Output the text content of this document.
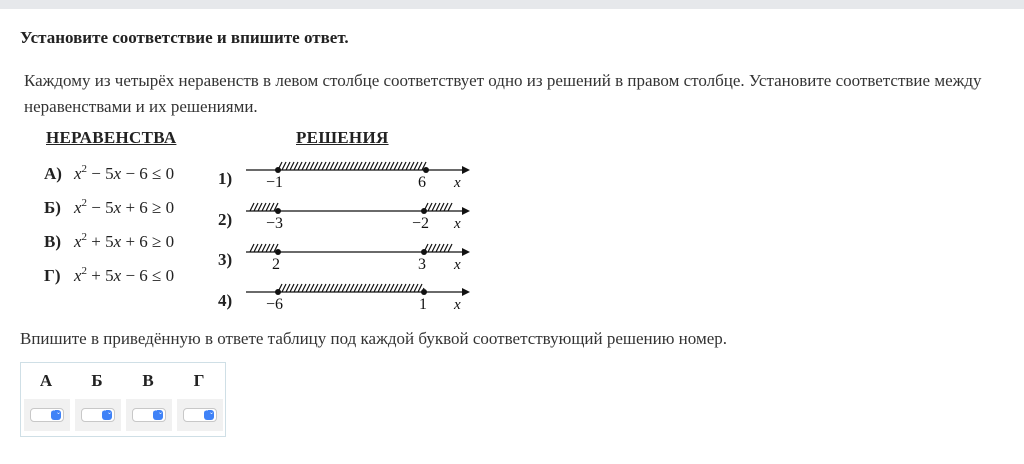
Установите соответствие и впишите ответ.
Каждому из четырёх неравенств в левом столбце соответствует одно из решений в правом столбце. Установите соответствие между неравенствами и их решениями.
НЕРАВЕНСТВА	РЕШЕНИЯ
А) $x^2 - 5x - 6 \le 0$
Б) $x^2 - 5x + 6 \ge 0$
В) $x^2 + 5x + 6 \ge 0$
Г) $x^2 + 5x - 6 \le 0$
1) −1	6 x
2) −3	−2 x
3) 2	3 x
4) −6	1 x
Впишите в приведённую в ответе таблицу под каждой буквой соответствующий решению номер.
А	Б	В	Г
⌃⌄	⌃⌄	⌃⌄	⌃⌄
